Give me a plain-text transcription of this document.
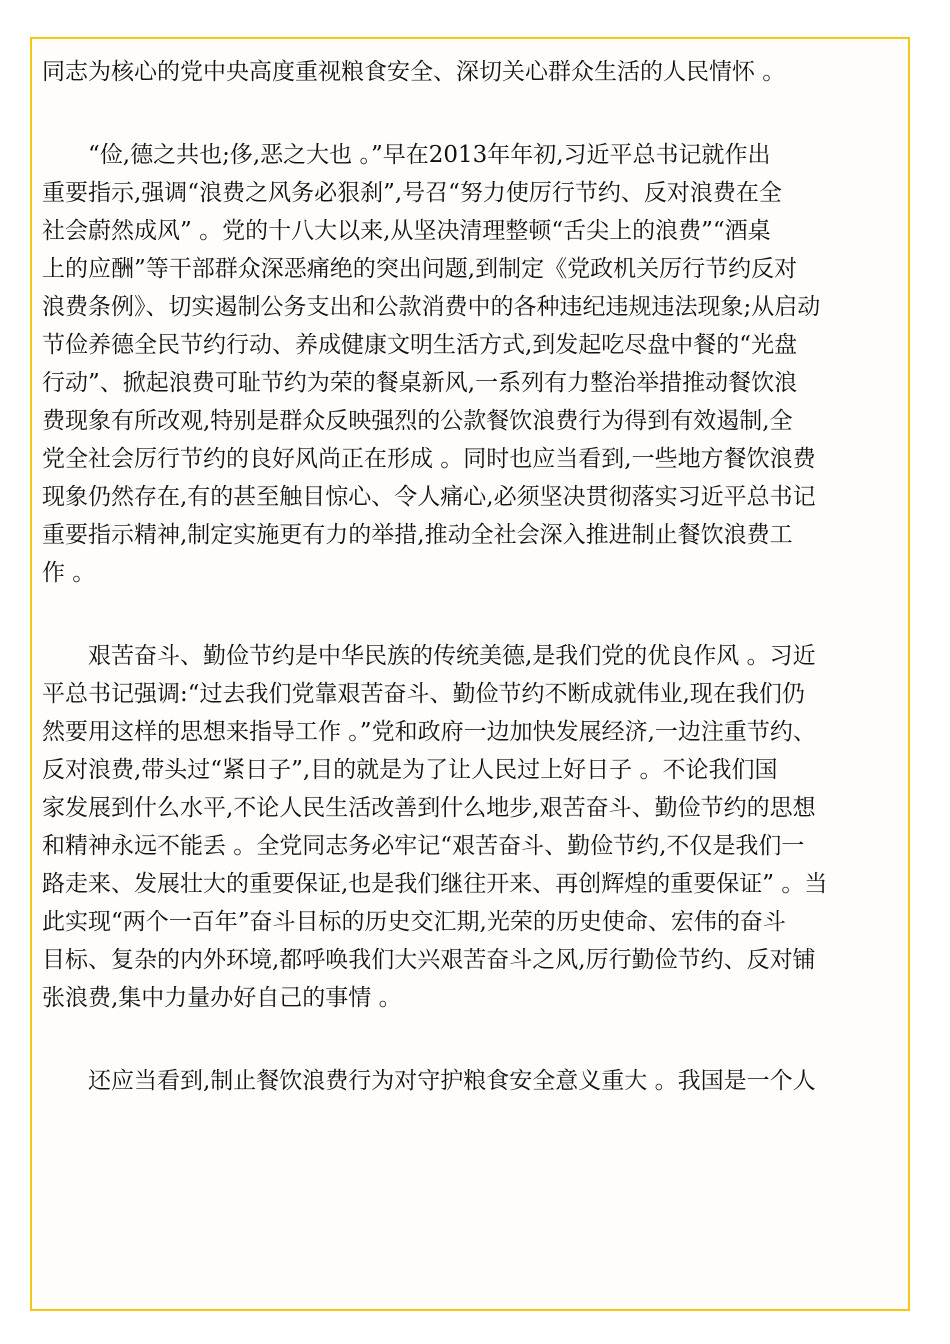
同志为核心的党中央高度重视粮食安全、深切关心群众生活的人民情怀 。
“俭,德之共也;侈,恶之大也 。”早在2013年年初,习近平总书记就作出
重要指示,强调“浪费之风务必狠刹”,号召“努力使厉行节约、反对浪费在全
社会蔚然成风” 。党的十八大以来,从坚决清理整顿“舌尖上的浪费”“酒桌
上的应酬”等干部群众深恶痛绝的突出问题,到制定《党政机关厉行节约反对
浪费条例》、切实遏制公务支出和公款消费中的各种违纪违规违法现象;从启动
节俭养德全民节约行动、养成健康文明生活方式,到发起吃尽盘中餐的“光盘
行动”、掀起浪费可耻节约为荣的餐桌新风,一系列有力整治举措推动餐饮浪
费现象有所改观,特别是群众反映强烈的公款餐饮浪费行为得到有效遏制,全
党全社会厉行节约的良好风尚正在形成 。同时也应当看到,一些地方餐饮浪费
现象仍然存在,有的甚至触目惊心、令人痛心,必须坚决贯彻落实习近平总书记
重要指示精神,制定实施更有力的举措,推动全社会深入推进制止餐饮浪费工
作 。
艰苦奋斗、勤俭节约是中华民族的传统美德,是我们党的优良作风 。习近
平总书记强调:“过去我们党靠艰苦奋斗、勤俭节约不断成就伟业,现在我们仍
然要用这样的思想来指导工作 。”党和政府一边加快发展经济,一边注重节约、
反对浪费,带头过“紧日子”,目的就是为了让人民过上好日子 。不论我们国
家发展到什么水平,不论人民生活改善到什么地步,艰苦奋斗、勤俭节约的思想
和精神永远不能丢 。全党同志务必牢记“艰苦奋斗、勤俭节约,不仅是我们一
路走来、发展壮大的重要保证,也是我们继往开来、再创辉煌的重要保证” 。当
此实现“两个一百年”奋斗目标的历史交汇期,光荣的历史使命、宏伟的奋斗
目标、复杂的内外环境,都呼唤我们大兴艰苦奋斗之风,厉行勤俭节约、反对铺
张浪费,集中力量办好自己的事情 。
还应当看到,制止餐饮浪费行为对守护粮食安全意义重大 。我国是一个人
